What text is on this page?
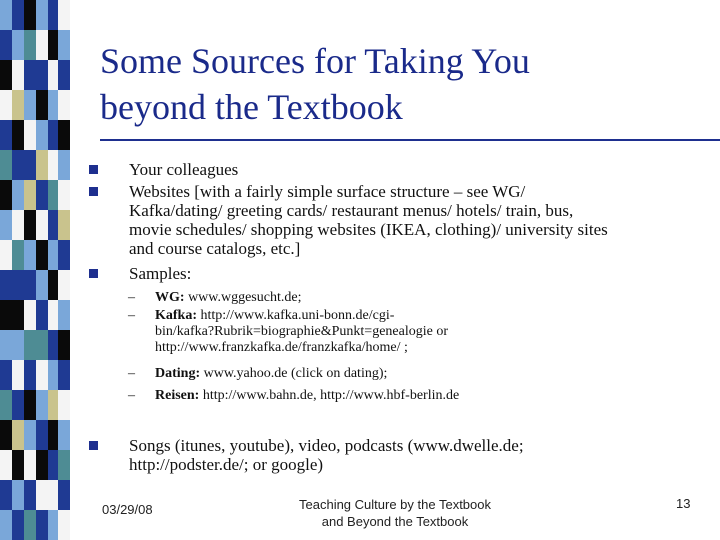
Some Sources for Taking You
beyond the Textbook
Your colleagues
Websites [with a fairly simple surface structure – see WG/
Kafka/dating/ greeting cards/ restaurant menus/ hotels/ train, bus,
movie schedules/ shopping websites (IKEA, clothing)/ university sites
and course catalogs, etc.]
Samples:
– WG: www.wggesucht.de;
– Kafka: http://www.kafka.uni-bonn.de/cgi-
bin/kafka?Rubrik=biographie&Punkt=genealogie or
http://www.franzkafka.de/franzkafka/home/ ;
– Dating: www.yahoo.de (click on dating);
– Reisen: http://www.bahn.de, http://www.hbf-berlin.de
Songs (itunes, youtube), video, podcasts (www.dwelle.de;
http://podster.de/; or google)
03/29/08	Teaching Culture by the Textbook
and Beyond the Textbook
13
